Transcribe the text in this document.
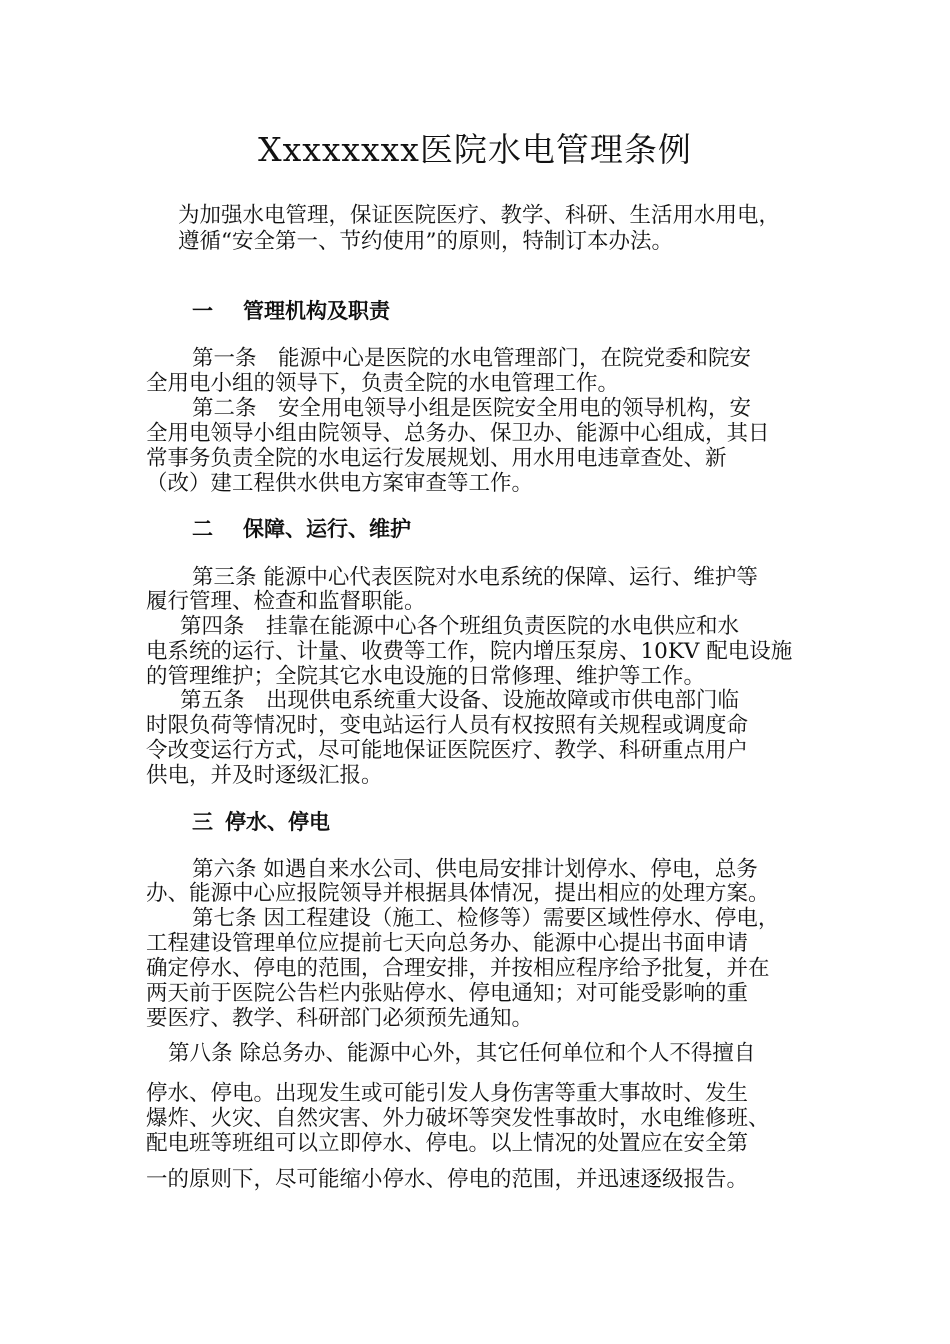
Xxxxxxxx医院水电管理条例
为加强水电管理，保证医院医疗、教学、科研、生活用水用电，
遵循“安全第一、节约使用”的原则，特制订本办法。
一 管理机构及职责
第一条　能源中心是医院的水电管理部门，在院党委和院安
全用电小组的领导下，负责全院的水电管理工作。
第二条　安全用电领导小组是医院安全用电的领导机构，安
全用电领导小组由院领导、总务办、保卫办、能源中心组成，其日
常事务负责全院的水电运行发展规划、用水用电违章查处、新
（改）建工程供水供电方案审查等工作。
二 保障、运行、维护
第三条 能源中心代表医院对水电系统的保障、运行、维护等
履行管理、检查和监督职能。
第四条　挂靠在能源中心各个班组负责医院的水电供应和水
电系统的运行、计量、收费等工作，院内增压泵房、10KV 配电设施
的管理维护；全院其它水电设施的日常修理、维护等工作。
第五条　出现供电系统重大设备、设施故障或市供电部门临
时限负荷等情况时，变电站运行人员有权按照有关规程或调度命
令改变运行方式，尽可能地保证医院医疗、教学、科研重点用户
供电，并及时逐级汇报。
三 停水、停电
第六条 如遇自来水公司、供电局安排计划停水、停电，总务
办、能源中心应报院领导并根据具体情况，提出相应的处理方案。
第七条 因工程建设（施工、检修等）需要区域性停水、停电，
工程建设管理单位应提前七天向总务办、能源中心提出书面申请
确定停水、停电的范围，合理安排，并按相应程序给予批复，并在
两天前于医院公告栏内张贴停水、停电通知；对可能受影响的重
要医疗、教学、科研部门必须预先通知。
第八条 除总务办、能源中心外，其它任何单位和个人不得擅自
停水、停电。出现发生或可能引发人身伤害等重大事故时、发生
爆炸、火灾、自然灾害、外力破坏等突发性事故时，水电维修班、
配电班等班组可以立即停水、停电。以上情况的处置应在安全第
一的原则下，尽可能缩小停水、停电的范围，并迅速逐级报告。
